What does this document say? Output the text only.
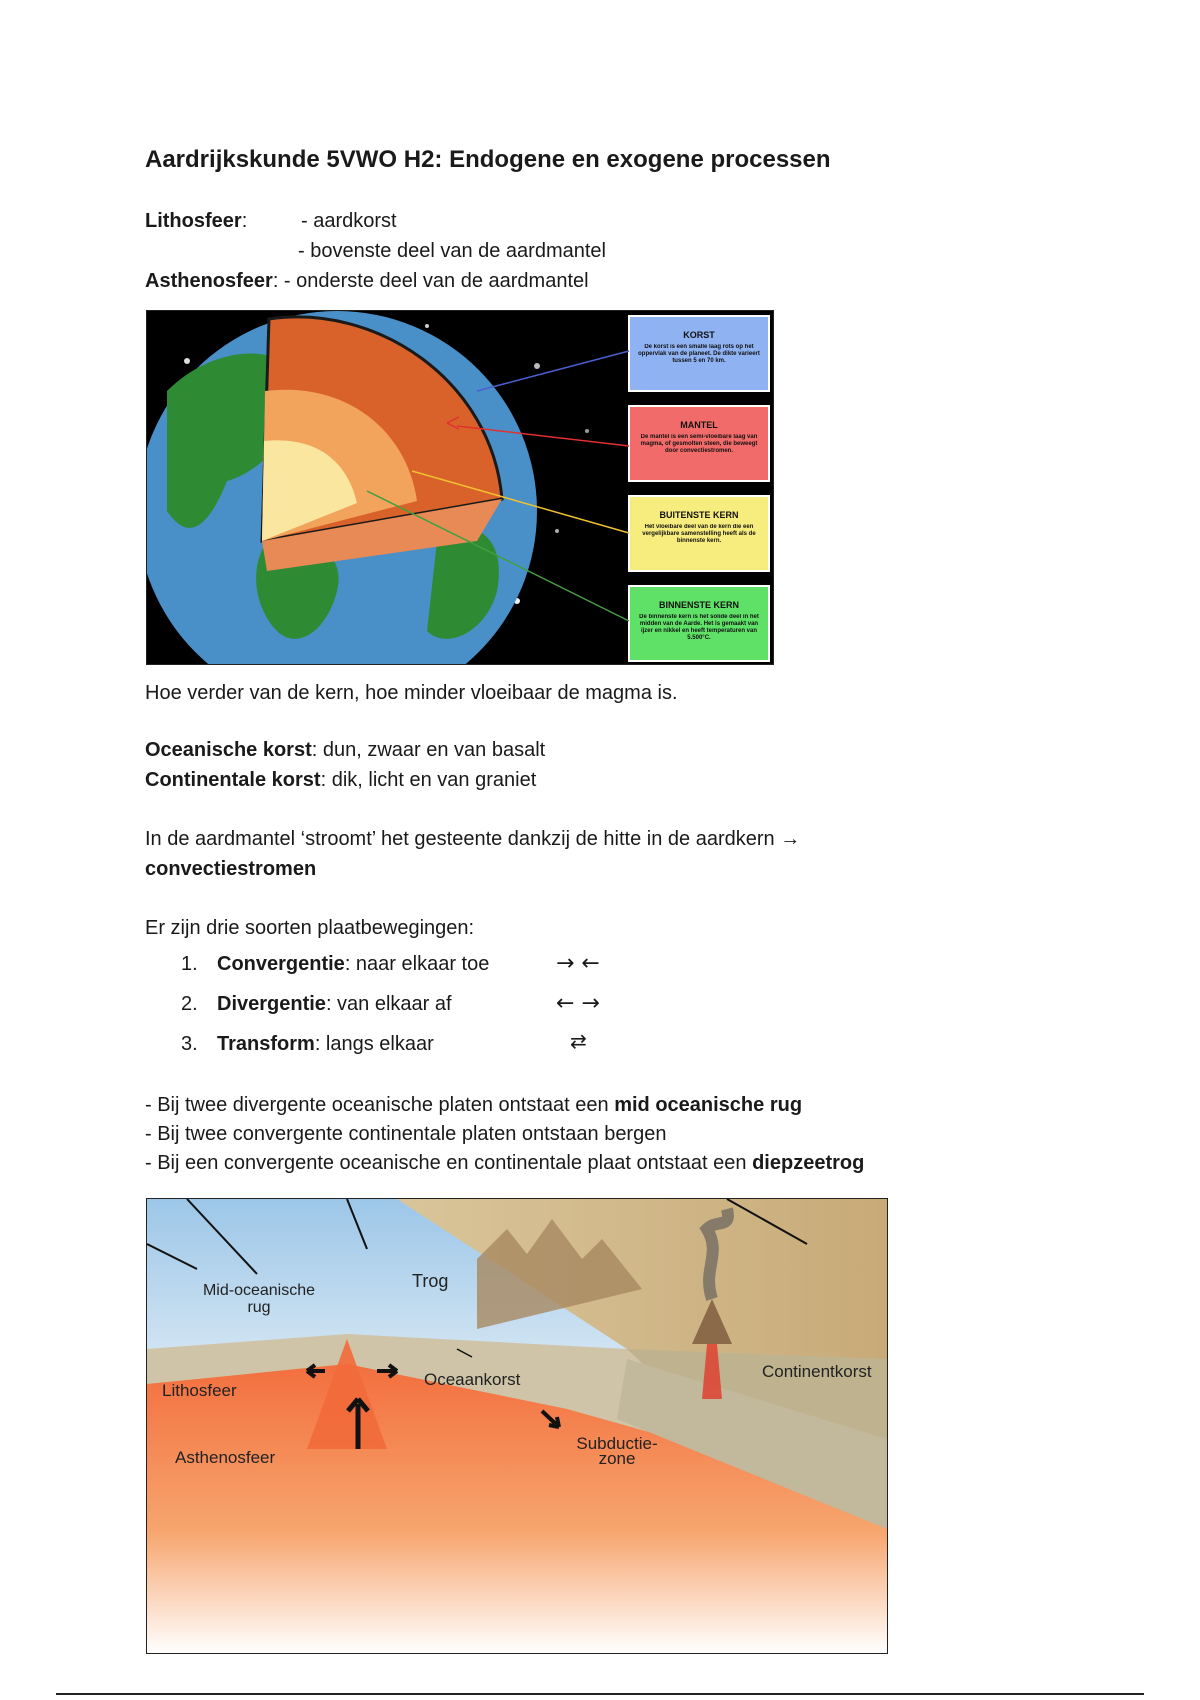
Aardrijkskunde 5VWO H2: Endogene en exogene processen
Lithosfeer:	- aardkorst
- bovenste deel van de aardmantel
Asthenosfeer: - onderste deel van de aardmantel
KORST
De korst is een smalle laag rots op het oppervlak van de planeet. De dikte varieert tussen 5 en 70 km.
MANTEL
De mantel is een semi-vloeibare laag van magma, of gesmolten steen, die beweegt door convectiestromen.
BUITENSTE KERN
Het vloeibare deel van de kern die een vergelijkbare samenstelling heeft als de binnenste kern.
BINNENSTE KERN
De binnenste kern is het solide deel in het midden van de Aarde. Het is gemaakt van ijzer en nikkel en heeft temperaturen van 5.500°C.
Hoe verder van de kern, hoe minder vloeibaar de magma is.
Oceanische korst: dun, zwaar en van basalt
Continentale korst: dik, licht en van graniet
In de aardmantel ‘stroomt’ het gesteente dankzij de hitte in de aardkern →
convectiestromen
Er zijn drie soorten plaatbewegingen:
1. Convergentie: naar elkaar toe	→ ←
2. Divergentie: van elkaar af	← →
3. Transform: langs elkaar	⇄
- Bij twee divergente oceanische platen ontstaat een mid oceanische rug
- Bij twee convergente continentale platen ontstaan bergen
- Bij een convergente oceanische en continentale plaat ontstaat een diepzeetrog
Mid-oceanische
rug
Trog
Lithosfeer
Oceaankorst	Continentkorst
Asthenosfeer
Subductie-
zone
